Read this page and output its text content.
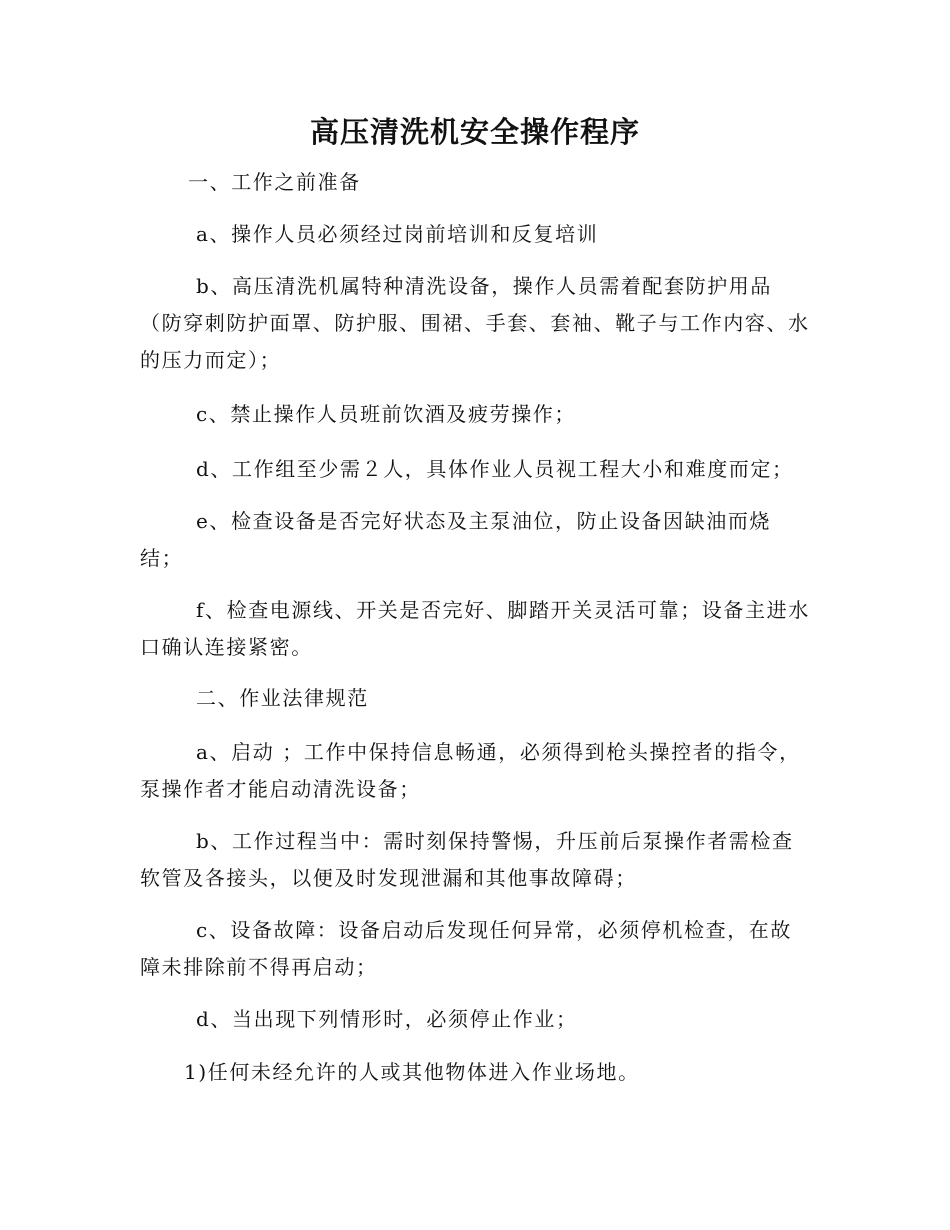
高压清洗机安全操作程序
一、工作之前准备
a、操作人员必须经过岗前培训和反复培训
b、高压清洗机属特种清洗设备，操作人员需着配套防护用品（防穿刺防护面罩、防护服、围裙、手套、套袖、靴子与工作内容、水的压力而定）；
c、禁止操作人员班前饮酒及疲劳操作；
d、工作组至少需２人，具体作业人员视工程大小和难度而定；
e、检查设备是否完好状态及主泵油位，防止设备因缺油而烧结；
f、检查电源线、开关是否完好、脚踏开关灵活可靠；设备主进水口确认连接紧密。
二、作业法律规范
a、启动 ；工作中保持信息畅通，必须得到枪头操控者的指令，泵操作者才能启动清洗设备；
b、工作过程当中：需时刻保持警惕，升压前后泵操作者需检查软管及各接头，以便及时发现泄漏和其他事故障碍；
c、设备故障：设备启动后发现任何异常，必须停机检查，在故障未排除前不得再启动；
d、当出现下列情形时，必须停止作业；
1)任何未经允许的人或其他物体进入作业场地。
